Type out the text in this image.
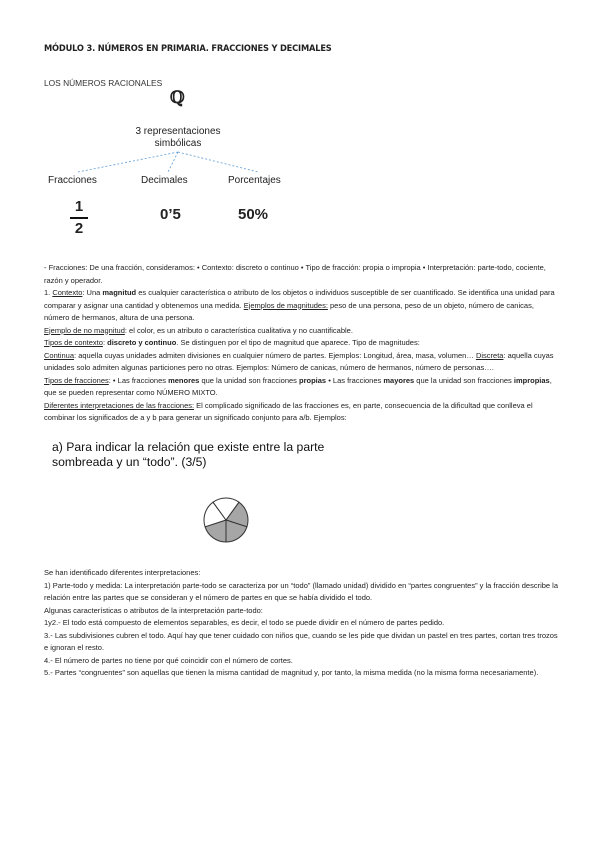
MÓDULO 3. NÚMEROS EN PRIMARIA. FRACCIONES Y DECIMALES
LOS NÚMEROS RACIONALES
ℚ
3 representaciones
simbólicas
Fracciones	Decimales	Porcentajes
1
2
0’5	50%

- Fracciones: De una fracción, consideramos: • Contexto: discreto o continuo • Tipo de fracción: propia o impropia • Interpretación: parte-todo, cociente, razón y operador.

1. Contexto: Una magnitud es cualquier característica o atributo de los objetos o individuos susceptible de ser cuantificado. Se identifica una unidad para comparar y asignar una cantidad y obtenemos una medida. Ejemplos de magnitudes: peso de una persona, peso de un objeto, número de canicas, número de hermanos, altura de una persona.

Ejemplo de no magnitud: el color, es un atributo o característica cualitativa y no cuantificable.

Tipos de contexto: discreto y continuo. Se distinguen por el tipo de magnitud que aparece. Tipo de magnitudes:

Continua: aquella cuyas unidades admiten divisiones en cualquier número de partes. Ejemplos: Longitud, área, masa, volumen… Discreta: aquella cuyas unidades solo admiten algunas particiones pero no otras. Ejemplos: Número de canicas, número de hermanos, número de personas….

Tipos de fracciones: • Las fracciones menores que la unidad son fracciones propias • Las fracciones mayores que la unidad son fracciones impropias, que se pueden representar como NÚMERO MIXTO.

Diferentes interpretaciones de las fracciones: El complicado significado de las fracciones es, en parte, consecuencia de la dificultad que conlleva el combinar los significados de a y b para generar un significado conjunto para a/b. Ejemplos:

a) Para indicar la relación que existe entre la parte
sombreada y un “todo”. (3/5)

Se han identificado diferentes interpretaciones:

1) Parte-todo y medida: La interpretación parte-todo se caracteriza por un “todo” (llamado unidad) dividido en “partes congruentes” y la fracción describe la relación entre las partes que se consideran y el número de partes en que se había dividido el todo.

Algunas características o atributos de la interpretación parte-todo:

1y2.- El todo está compuesto de elementos separables, es decir, el todo se puede dividir en el número de partes pedido.

3.- Las subdivisiones cubren el todo. Aquí hay que tener cuidado con niños que, cuando se les pide que dividan un pastel en tres partes, cortan tres trozos e ignoran el resto.

4.- El número de partes no tiene por qué coincidir con el número de cortes.

5.- Partes “congruentes” son aquellas que tienen la misma cantidad de magnitud y, por tanto, la misma medida (no la misma forma necesariamente).
